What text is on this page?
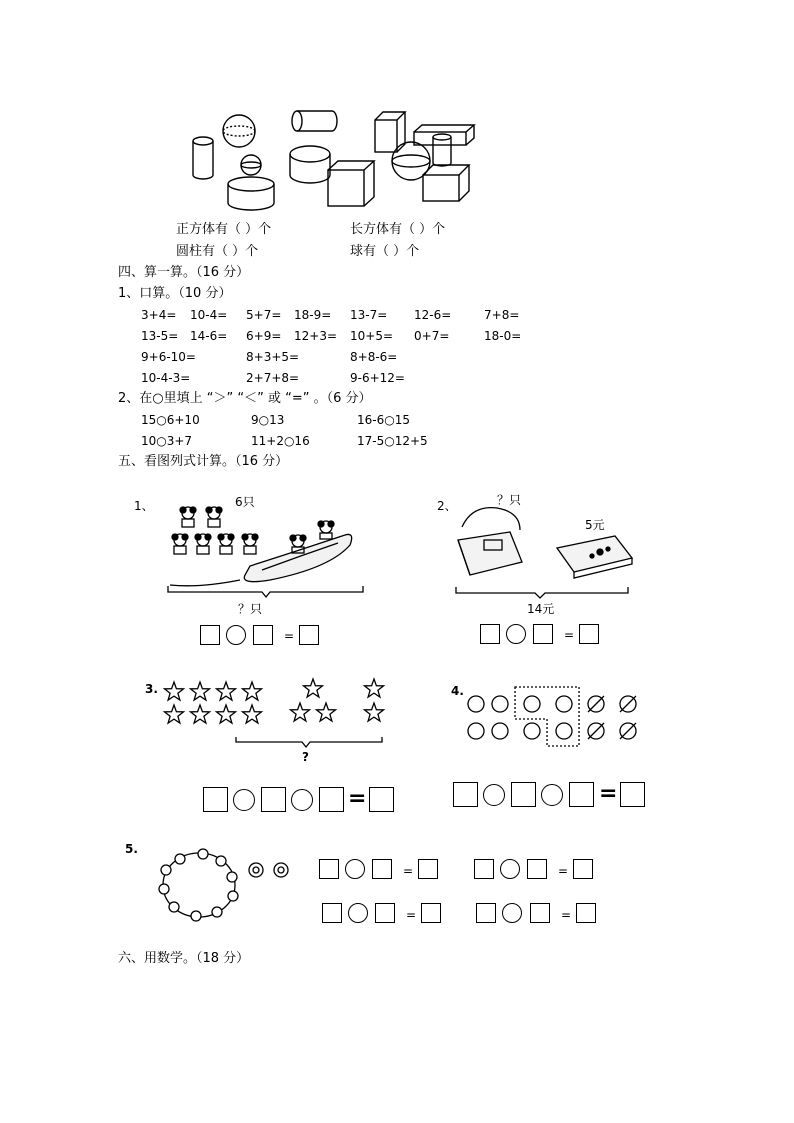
正方体有（ ）个	长方体有（ ）个
圆柱有（ ）个	球有（ ）个
四、算一算。（16 分）
1、口算。（10 分）
3+4= 10-4= 5+7= 18-9= 13-7= 12-6=	7+8=
13-5= 14-6= 6+9= 12+3= 10+5= 0+7=	18-0=
9+6-10=	8+3+5=	8+8-6=
10-4-3=	2+7+8=	9-6+12=
2、在○里填上 “＞” “＜” 或 “=” 。（6 分）
15○6+10	9○13	16-6○15
10○3+7	11+2○16	17-5○12+5
五、看图列式计算。（16 分）
1、	6只
？只
=
2、	？只
5元
14元
=
3.
?
=
4.
=
5.
=	=
=	=
六、用数学。（18 分）
